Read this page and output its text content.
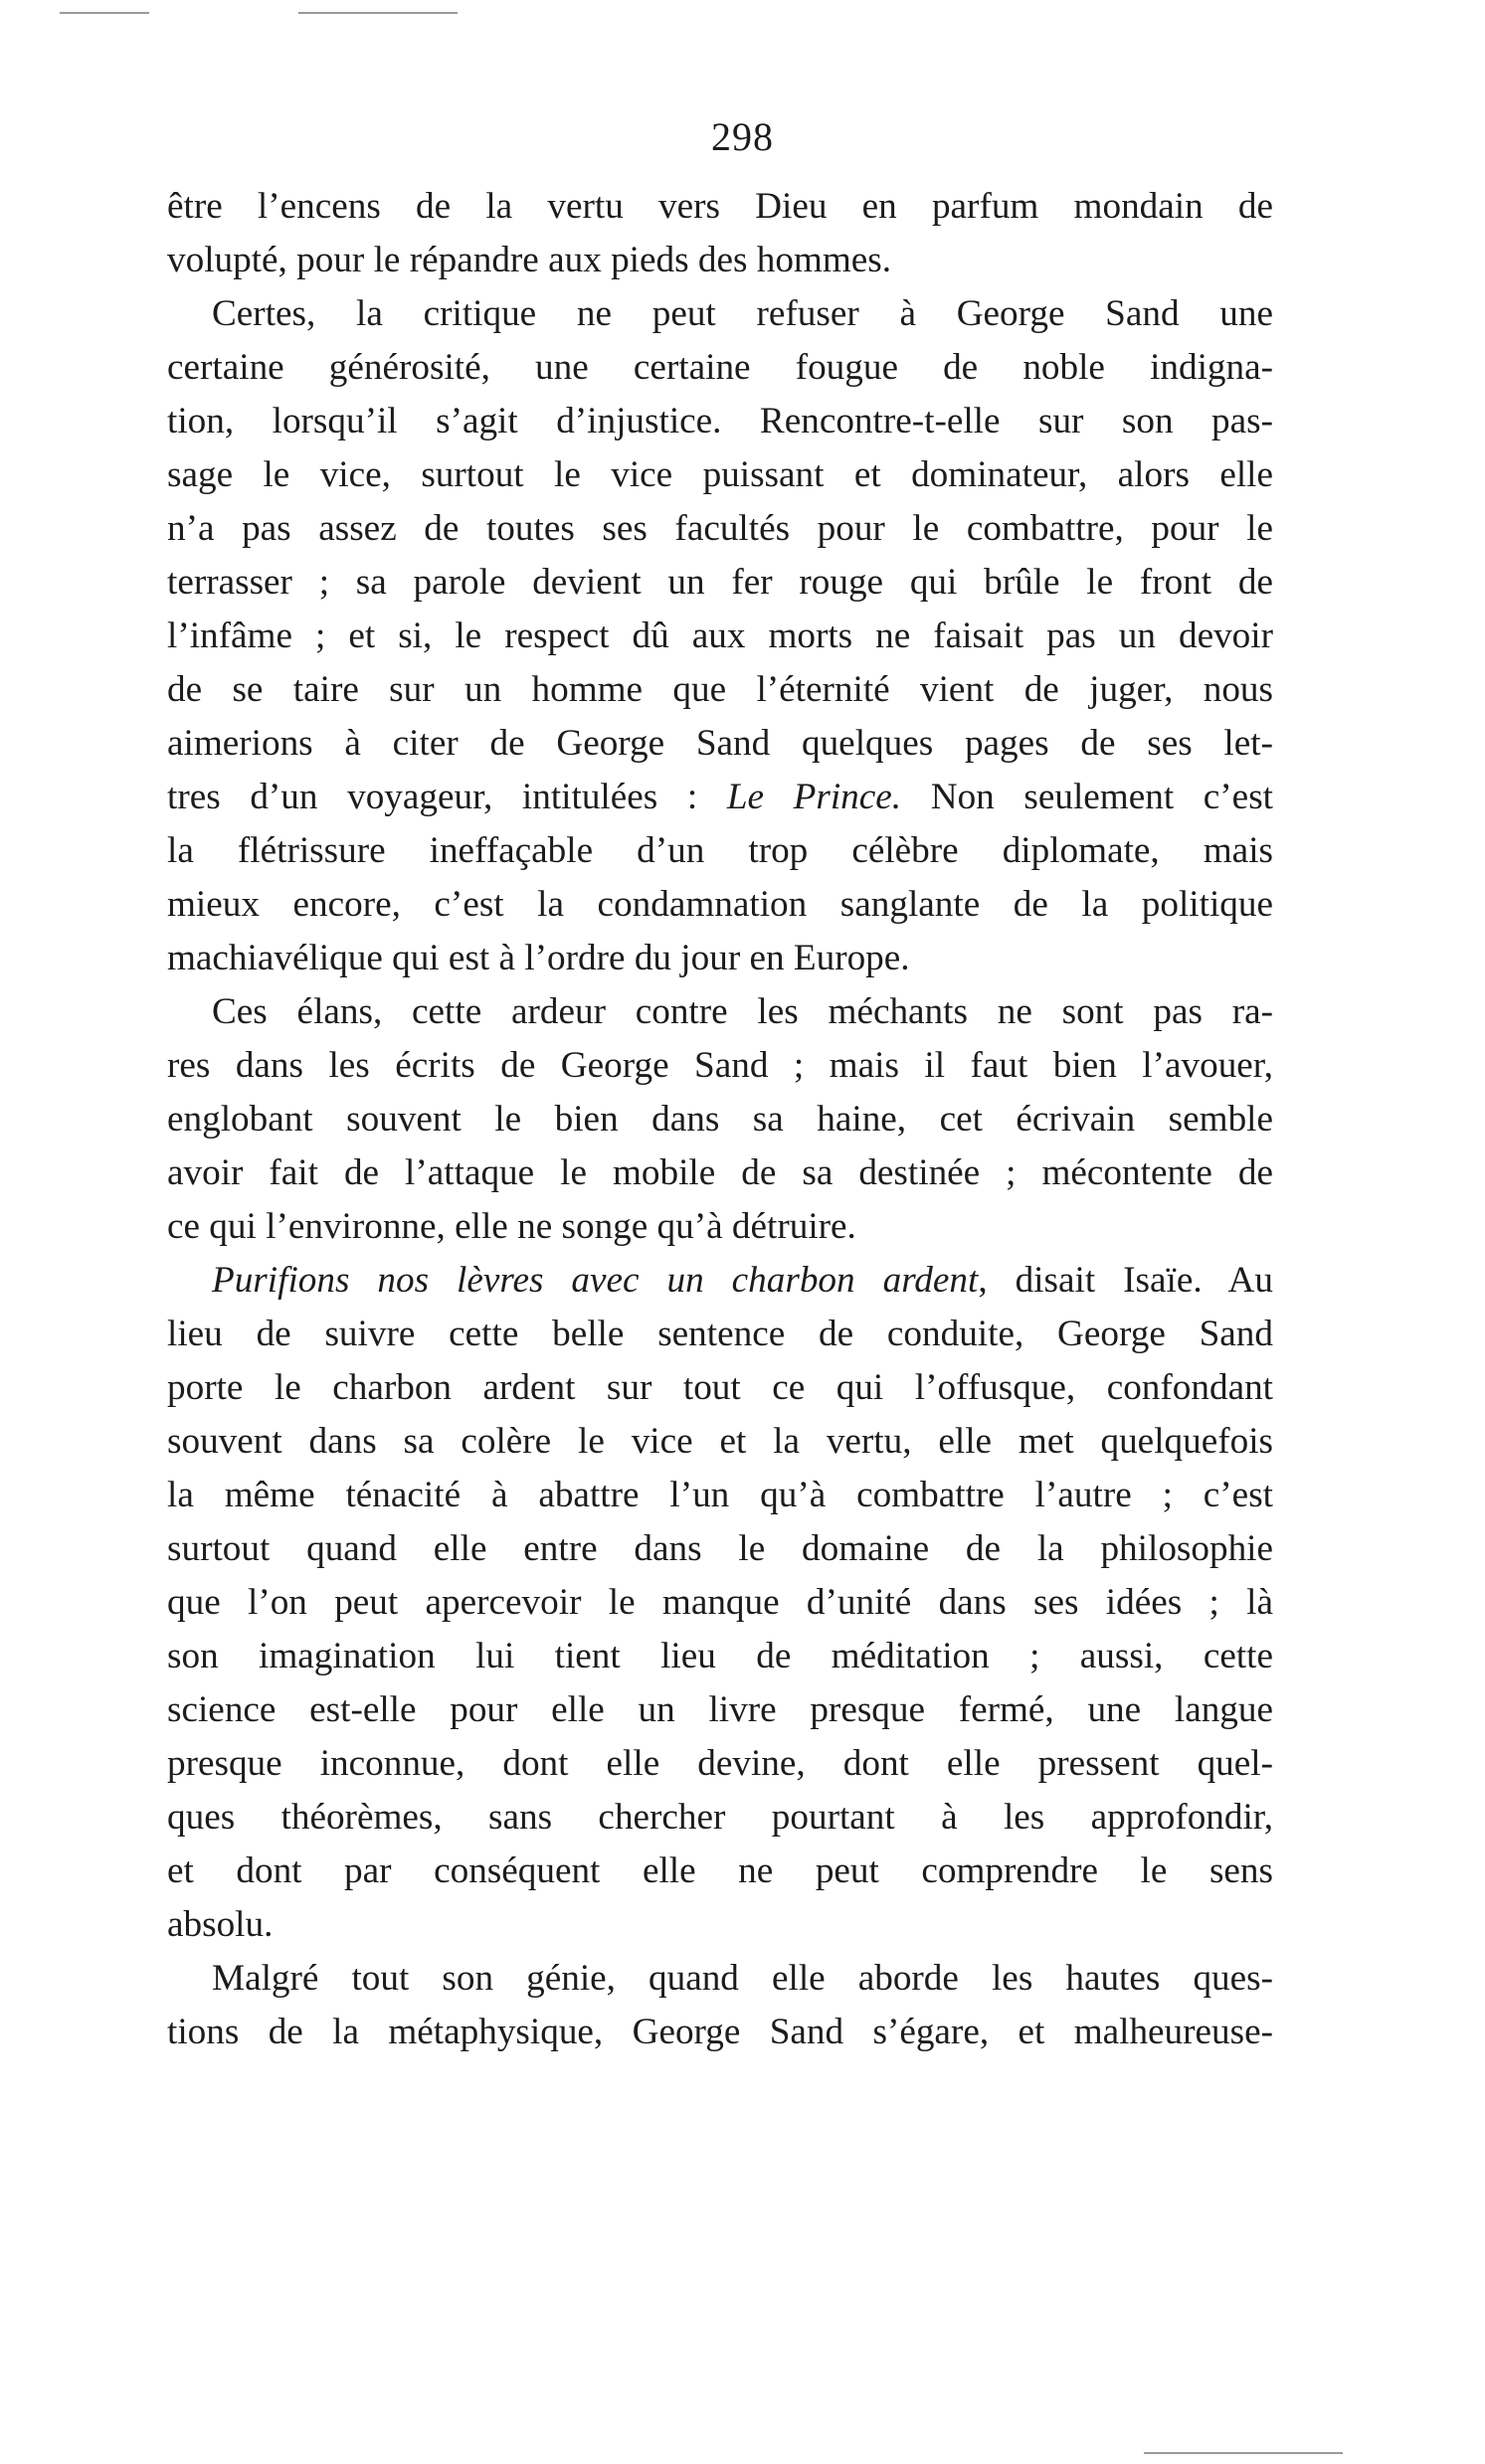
298
être l’encens de la vertu vers Dieu en parfum mondain de
volupté, pour le répandre aux pieds des hommes.
Certes, la critique ne peut refuser à George Sand une
certaine générosité, une certaine fougue de noble indigna-
tion, lorsqu’il s’agit d’injustice. Rencontre-t-elle sur son pas-
sage le vice, surtout le vice puissant et dominateur, alors elle
n’a pas assez de toutes ses facultés pour le combattre, pour le
terrasser ; sa parole devient un fer rouge qui brûle le front de
l’infâme ; et si, le respect dû aux morts ne faisait pas un devoir
de se taire sur un homme que l’éternité vient de juger, nous
aimerions à citer de George Sand quelques pages de ses let-
tres d’un voyageur, intitulées : Le Prince. Non seulement c’est
la flétrissure ineffaçable d’un trop célèbre diplomate, mais
mieux encore, c’est la condamnation sanglante de la politique
machiavélique qui est à l’ordre du jour en Europe.
Ces élans, cette ardeur contre les méchants ne sont pas ra-
res dans les écrits de George Sand ; mais il faut bien l’avouer,
englobant souvent le bien dans sa haine, cet écrivain semble
avoir fait de l’attaque le mobile de sa destinée ; mécontente de
ce qui l’environne, elle ne songe qu’à détruire.
Purifions nos lèvres avec un charbon ardent, disait Isaïe. Au
lieu de suivre cette belle sentence de conduite, George Sand
porte le charbon ardent sur tout ce qui l’offusque, confondant
souvent dans sa colère le vice et la vertu, elle met quelquefois
la même ténacité à abattre l’un qu’à combattre l’autre ; c’est
surtout quand elle entre dans le domaine de la philosophie
que l’on peut apercevoir le manque d’unité dans ses idées ; là
son imagination lui tient lieu de méditation ; aussi, cette
science est-elle pour elle un livre presque fermé, une langue
presque inconnue, dont elle devine, dont elle pressent quel-
ques théorèmes, sans chercher pourtant à les approfondir,
et dont par conséquent elle ne peut comprendre le sens
absolu.
Malgré tout son génie, quand elle aborde les hautes ques-
tions de la métaphysique, George Sand s’égare, et malheureuse-
